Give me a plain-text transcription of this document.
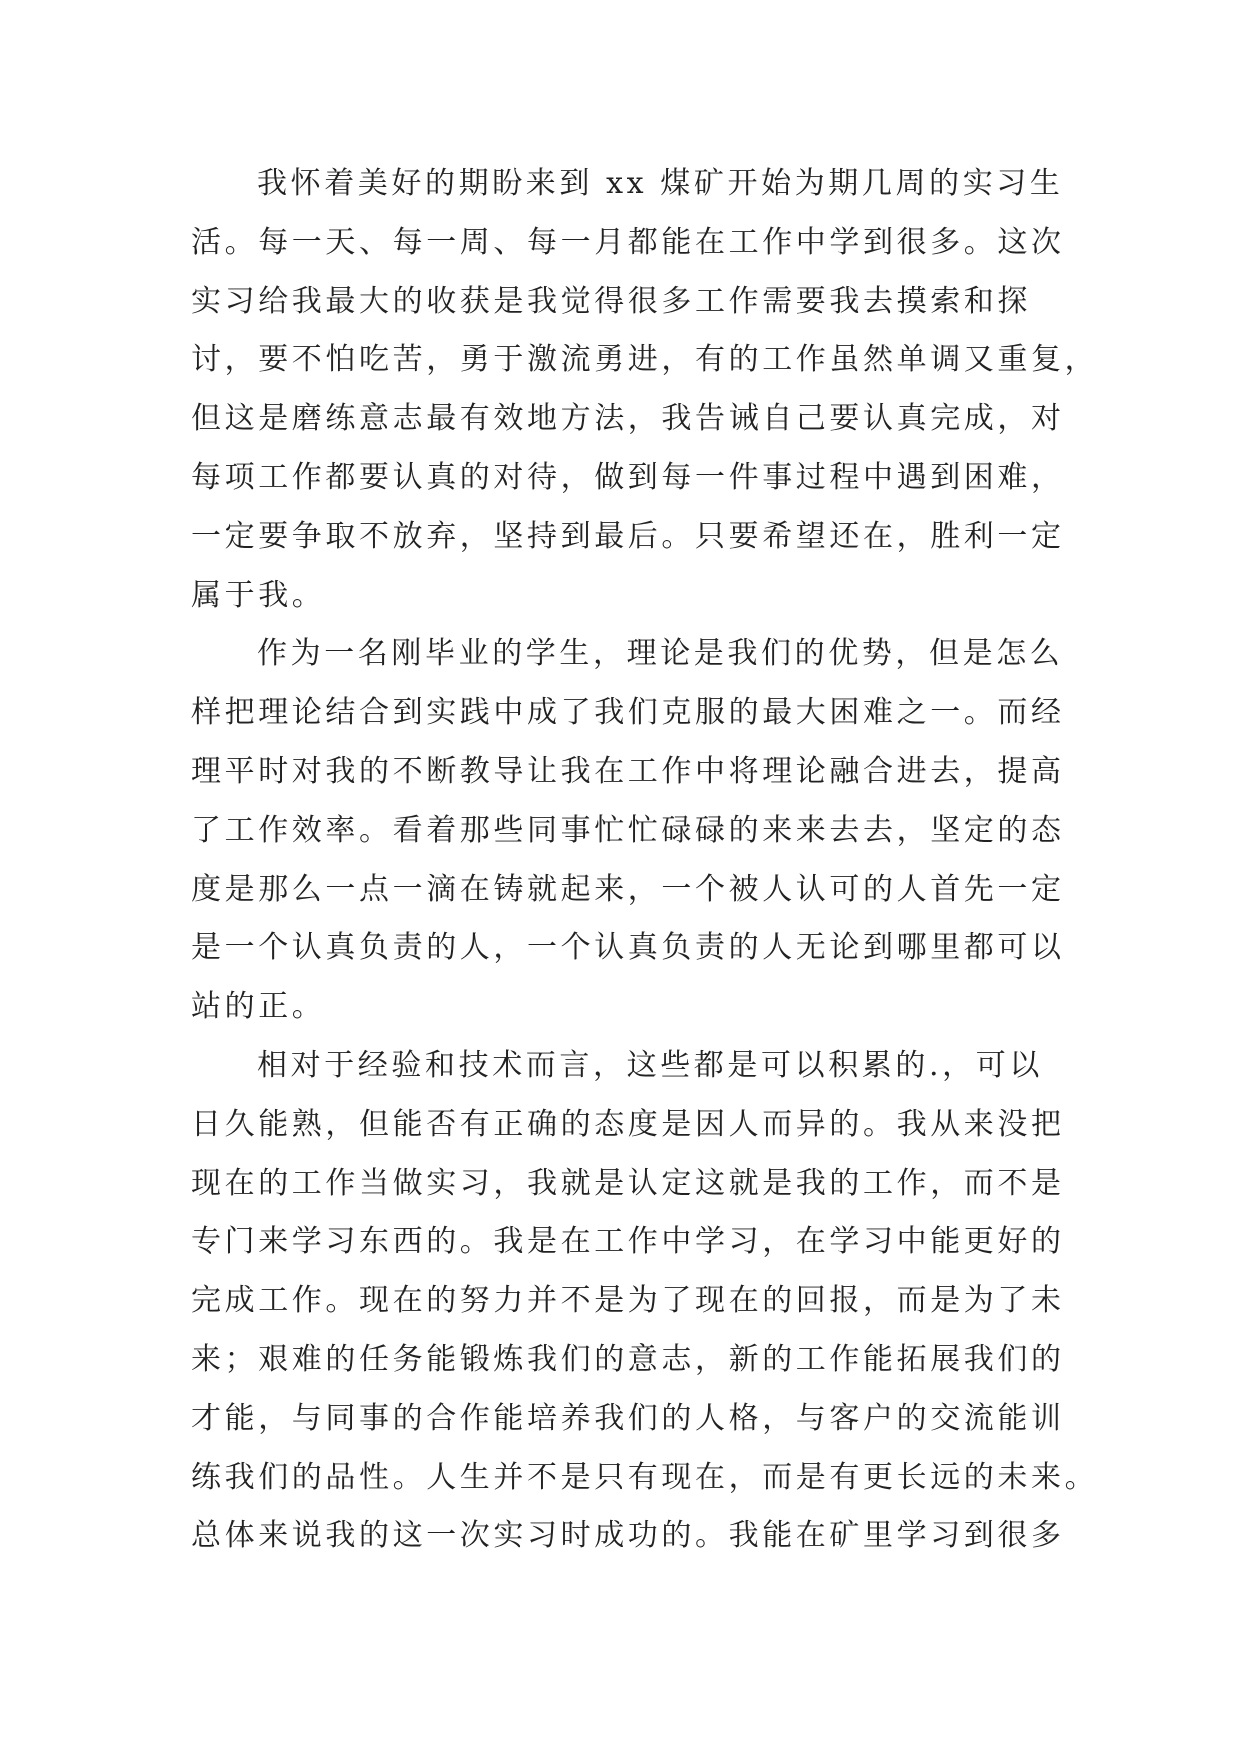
我怀着美好的期盼来到 xx 煤矿开始为期几周的实习生
活。每一天、每一周、每一月都能在工作中学到很多。这次
实习给我最大的收获是我觉得很多工作需要我去摸索和探
讨，要不怕吃苦，勇于激流勇进，有的工作虽然单调又重复，
但这是磨练意志最有效地方法，我告诫自己要认真完成，对
每项工作都要认真的对待，做到每一件事过程中遇到困难，
一定要争取不放弃，坚持到最后。只要希望还在，胜利一定
属于我。
作为一名刚毕业的学生，理论是我们的优势，但是怎么
样把理论结合到实践中成了我们克服的最大困难之一。而经
理平时对我的不断教导让我在工作中将理论融合进去，提高
了工作效率。看着那些同事忙忙碌碌的来来去去，坚定的态
度是那么一点一滴在铸就起来，一个被人认可的人首先一定
是一个认真负责的人，一个认真负责的人无论到哪里都可以
站的正。
相对于经验和技术而言，这些都是可以积累的.，可以
日久能熟，但能否有正确的态度是因人而异的。我从来没把
现在的工作当做实习，我就是认定这就是我的工作，而不是
专门来学习东西的。我是在工作中学习，在学习中能更好的
完成工作。现在的努力并不是为了现在的回报，而是为了未
来；艰难的任务能锻炼我们的意志，新的工作能拓展我们的
才能，与同事的合作能培养我们的人格，与客户的交流能训
练我们的品性。人生并不是只有现在，而是有更长远的未来。
总体来说我的这一次实习时成功的。我能在矿里学习到很多
